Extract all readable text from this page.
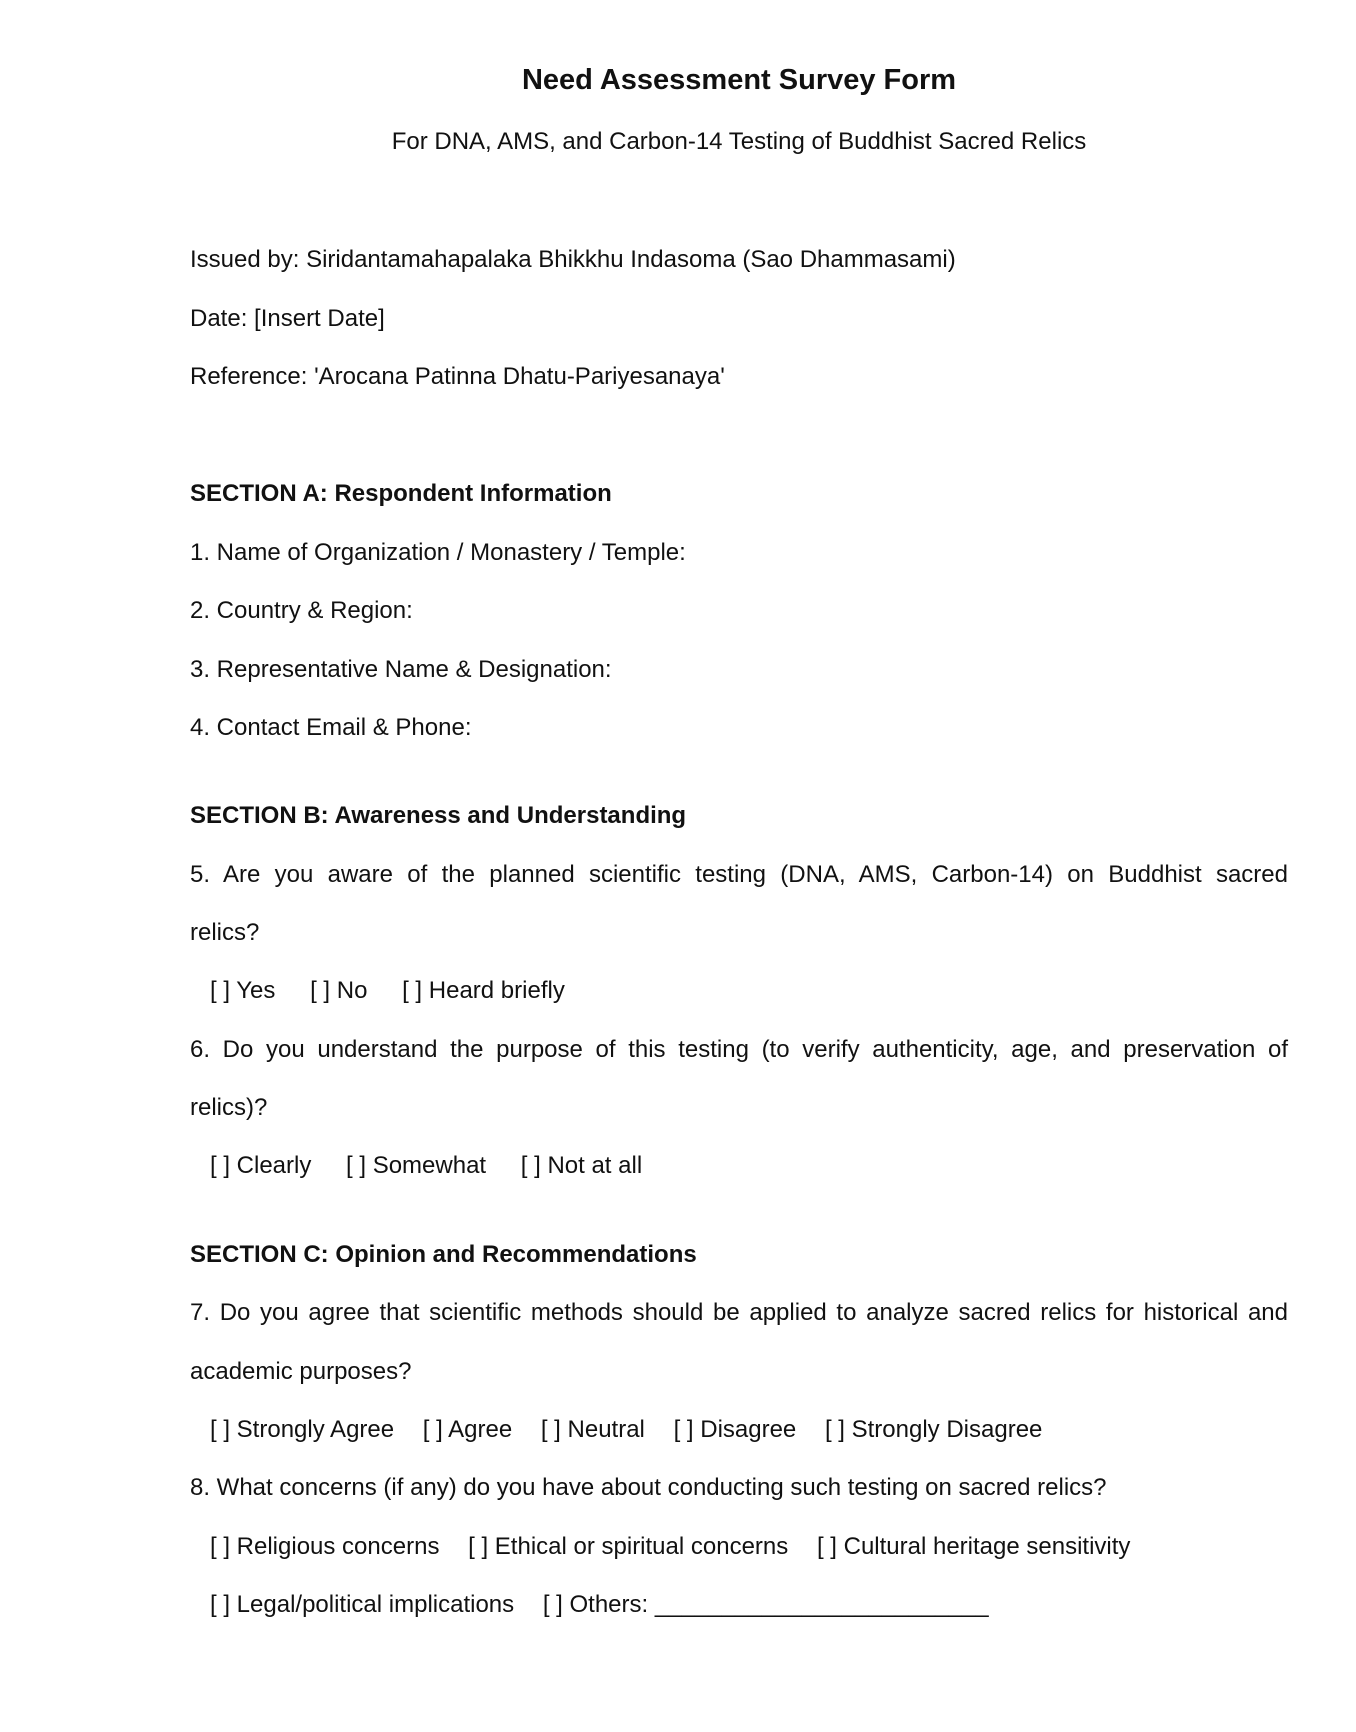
Need Assessment Survey Form
For DNA, AMS, and Carbon-14 Testing of Buddhist Sacred Relics
Issued by: Siridantamahapalaka Bhikkhu Indasoma (Sao Dhammasami)
Date: [Insert Date]
Reference: 'Arocana Patinna Dhatu-Pariyesanaya'
SECTION A: Respondent Information
1. Name of Organization / Monastery / Temple:
2. Country & Region:
3. Representative Name & Designation:
4. Contact Email & Phone:
SECTION B: Awareness and Understanding
5. Are you aware of the planned scientific testing (DNA, AMS, Carbon-14) on Buddhist sacred
relics?
[ ] Yes [ ] No [ ] Heard briefly
6. Do you understand the purpose of this testing (to verify authenticity, age, and preservation of
relics)?
[ ] Clearly [ ] Somewhat [ ] Not at all
SECTION C: Opinion and Recommendations
7. Do you agree that scientific methods should be applied to analyze sacred relics for historical and
academic purposes?
[ ] Strongly Agree [ ] Agree [ ] Neutral [ ] Disagree [ ] Strongly Disagree
8. What concerns (if any) do you have about conducting such testing on sacred relics?
[ ] Religious concerns [ ] Ethical or spiritual concerns [ ] Cultural heritage sensitivity
[ ] Legal/political implications [ ] Others: _________________________
